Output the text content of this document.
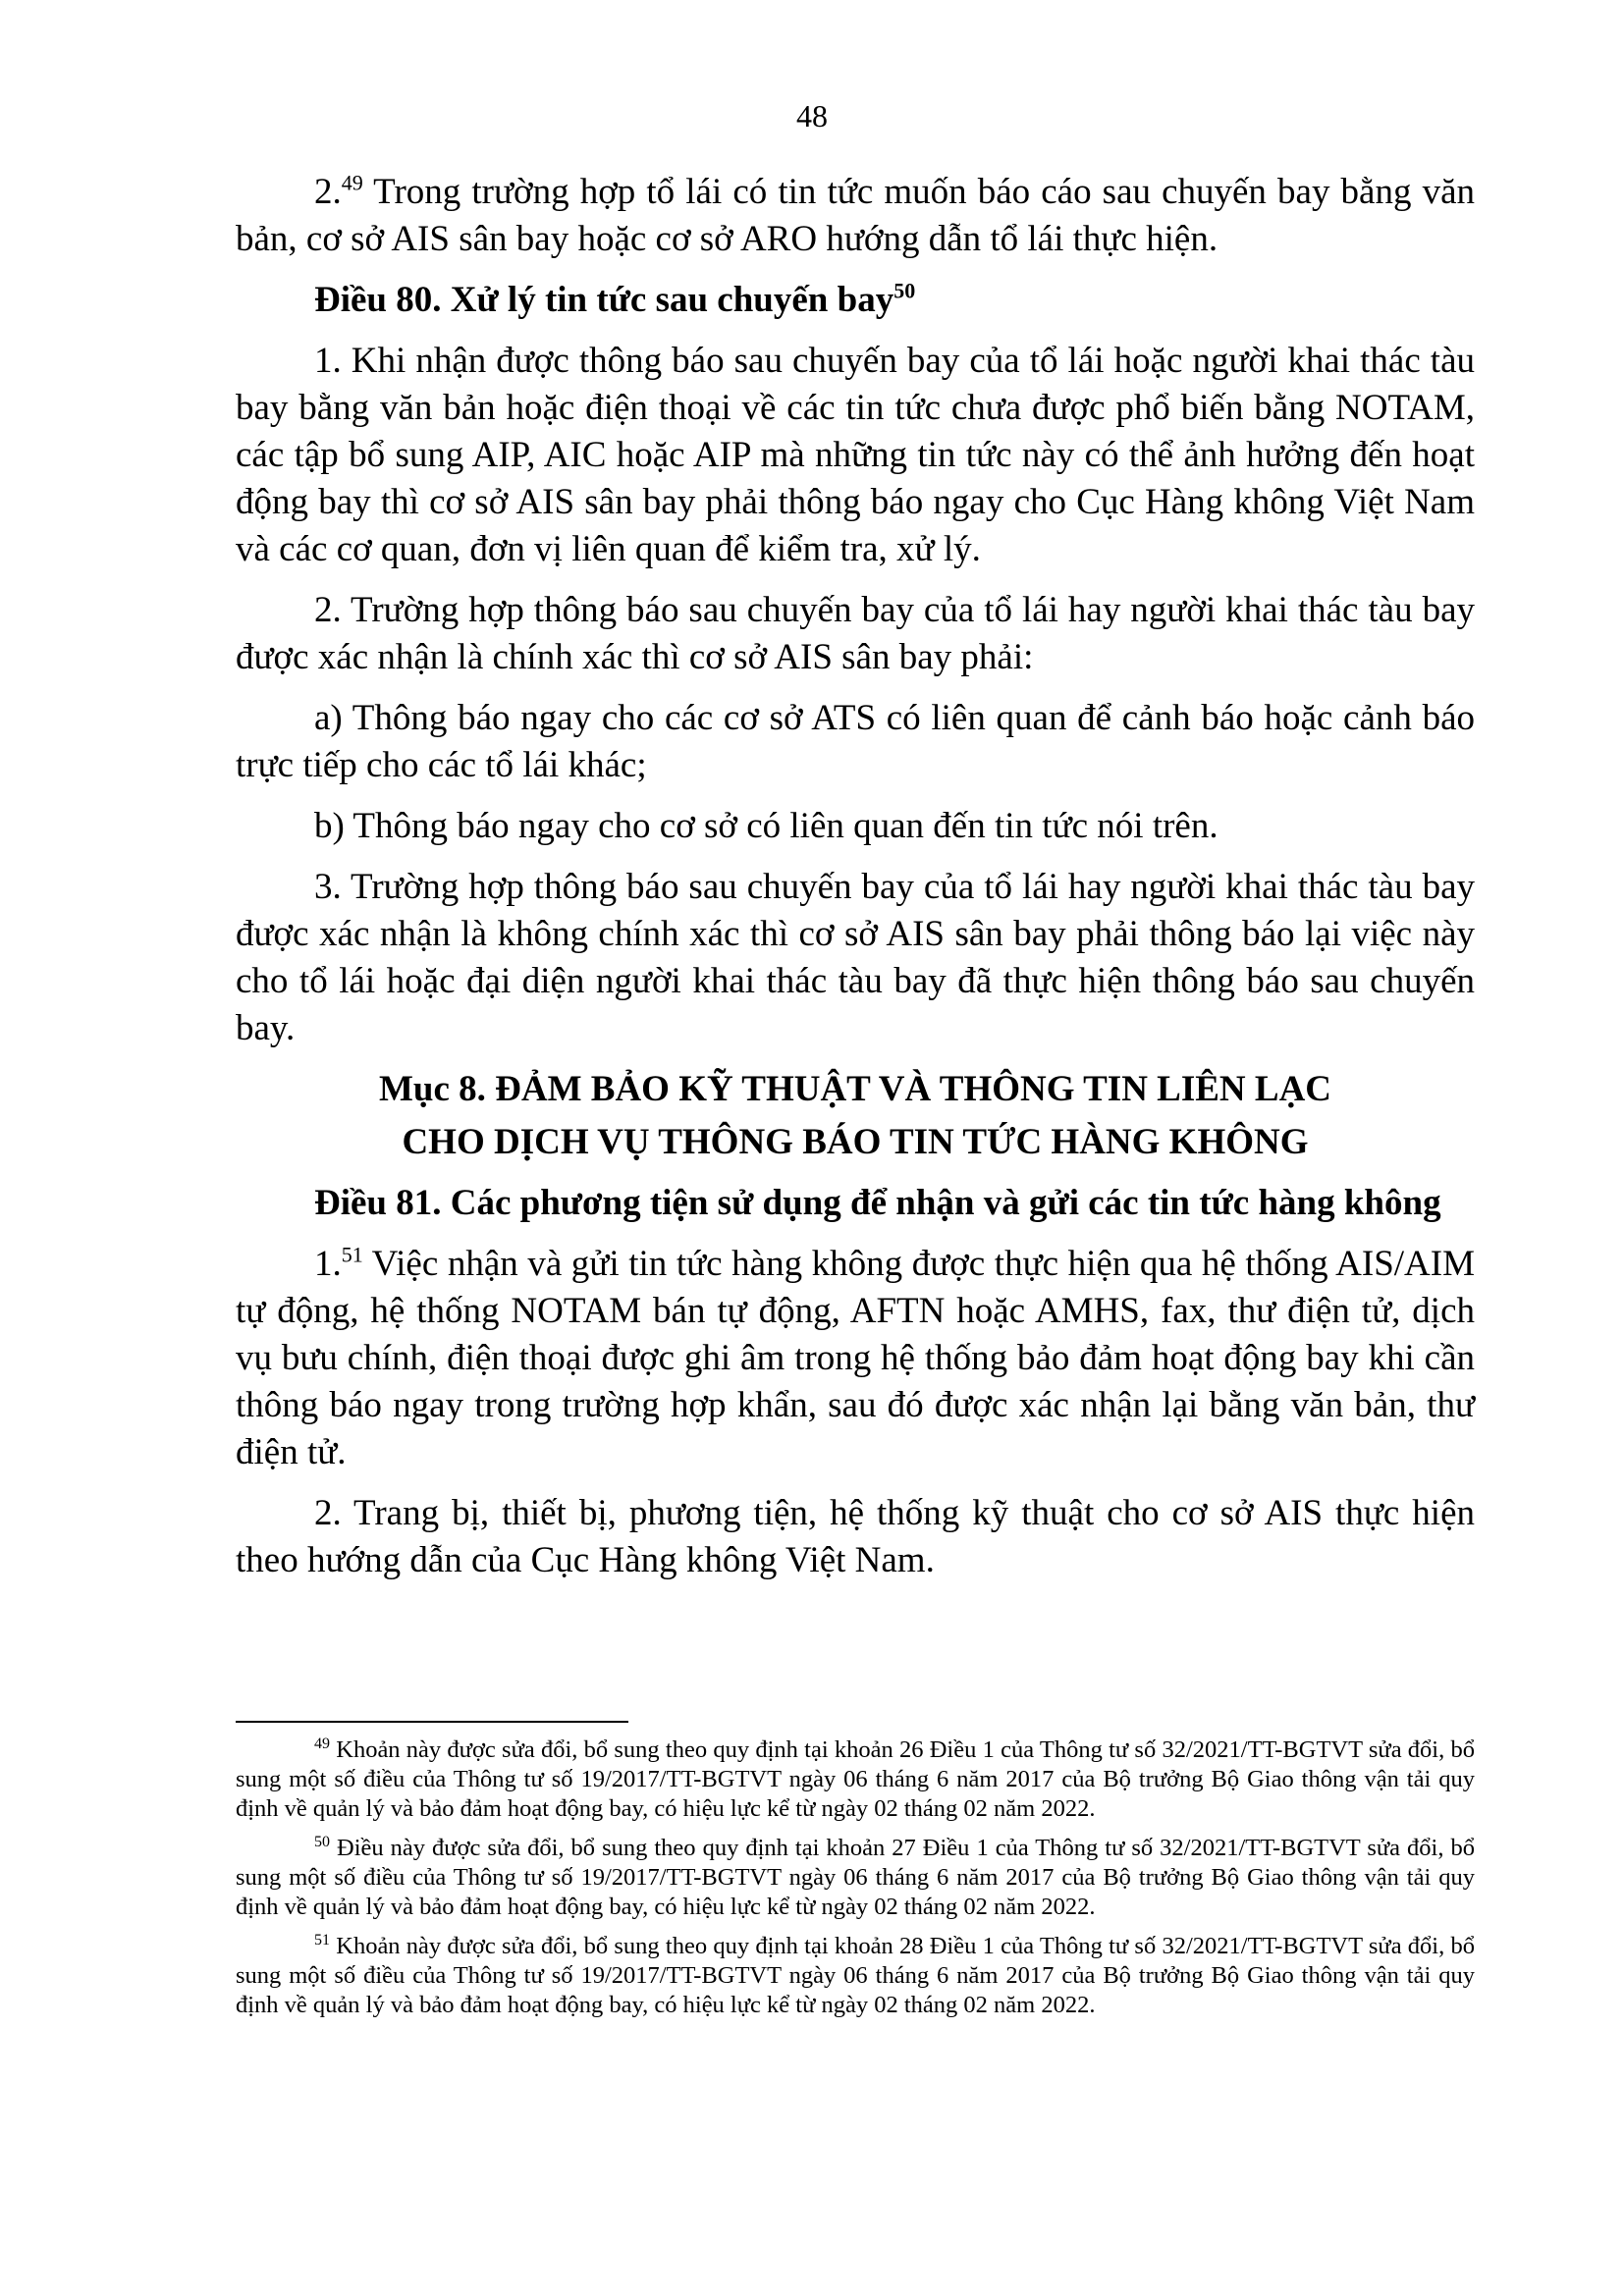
48

2.49 Trong trường hợp tổ lái có tin tức muốn báo cáo sau chuyến bay bằng văn bản, cơ sở AIS sân bay hoặc cơ sở ARO hướng dẫn tổ lái thực hiện.

Điều 80. Xử lý tin tức sau chuyến bay$^{50}$

1. Khi nhận được thông báo sau chuyến bay của tổ lái hoặc người khai thác tàu bay bằng văn bản hoặc điện thoại về các tin tức chưa được phổ biến bằng NOTAM, các tập bổ sung AIP, AIC hoặc AIP mà những tin tức này có thể ảnh hưởng đến hoạt động bay thì cơ sở AIS sân bay phải thông báo ngay cho Cục Hàng không Việt Nam và các cơ quan, đơn vị liên quan để kiểm tra, xử lý.

2. Trường hợp thông báo sau chuyến bay của tổ lái hay người khai thác tàu bay được xác nhận là chính xác thì cơ sở AIS sân bay phải:

a) Thông báo ngay cho các cơ sở ATS có liên quan để cảnh báo hoặc cảnh báo trực tiếp cho các tổ lái khác;

b) Thông báo ngay cho cơ sở có liên quan đến tin tức nói trên.

3. Trường hợp thông báo sau chuyến bay của tổ lái hay người khai thác tàu bay được xác nhận là không chính xác thì cơ sở AIS sân bay phải thông báo lại việc này cho tổ lái hoặc đại diện người khai thác tàu bay đã thực hiện thông báo sau chuyến bay.

Mục 8. ĐẢM BẢO KỸ THUẬT VÀ THÔNG TIN LIÊN LẠC

CHO DỊCH VỤ THÔNG BÁO TIN TỨC HÀNG KHÔNG

Điều 81. Các phương tiện sử dụng để nhận và gửi các tin tức hàng không

1.51 Việc nhận và gửi tin tức hàng không được thực hiện qua hệ thống AIS/AIM tự động, hệ thống NOTAM bán tự động, AFTN hoặc AMHS, fax, thư điện tử, dịch vụ bưu chính, điện thoại được ghi âm trong hệ thống bảo đảm hoạt động bay khi cần thông báo ngay trong trường hợp khẩn, sau đó được xác nhận lại bằng văn bản, thư điện tử.

2. Trang bị, thiết bị, phương tiện, hệ thống kỹ thuật cho cơ sở AIS thực hiện theo hướng dẫn của Cục Hàng không Việt Nam.

$^{49}$ Khoản này được sửa đổi, bổ sung theo quy định tại khoản 26 Điều 1 của Thông tư số 32/2021/TT-BGTVT sửa đổi, bổ sung một số điều của Thông tư số 19/2017/TT-BGTVT ngày 06 tháng 6 năm 2017 của Bộ trưởng Bộ Giao thông vận tải quy định về quản lý và bảo đảm hoạt động bay, có hiệu lực kể từ ngày 02 tháng 02 năm 2022.

$^{50}$ Điều này được sửa đổi, bổ sung theo quy định tại khoản 27 Điều 1 của Thông tư số 32/2021/TT-BGTVT sửa đổi, bổ sung một số điều của Thông tư số 19/2017/TT-BGTVT ngày 06 tháng 6 năm 2017 của Bộ trưởng Bộ Giao thông vận tải quy định về quản lý và bảo đảm hoạt động bay, có hiệu lực kể từ ngày 02 tháng 02 năm 2022.

$^{51}$ Khoản này được sửa đổi, bổ sung theo quy định tại khoản 28 Điều 1 của Thông tư số 32/2021/TT-BGTVT sửa đổi, bổ sung một số điều của Thông tư số 19/2017/TT-BGTVT ngày 06 tháng 6 năm 2017 của Bộ trưởng Bộ Giao thông vận tải quy định về quản lý và bảo đảm hoạt động bay, có hiệu lực kể từ ngày 02 tháng 02 năm 2022.
